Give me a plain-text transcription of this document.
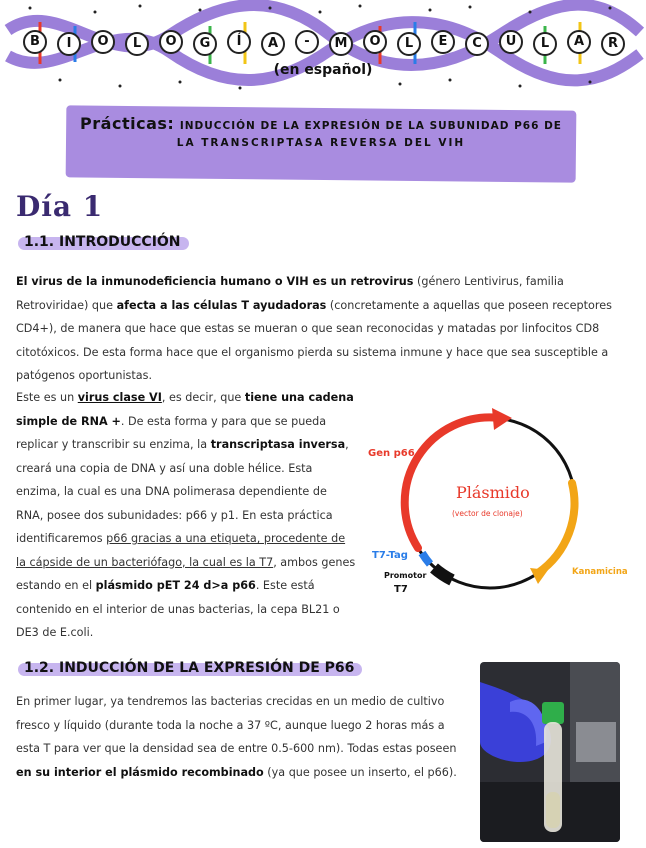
B	I	O	L	O	G	Í	A	-	M	O	L	E	C	U	L	A	R
(en español)
Prácticas: INDUCCIÓN DE LA EXPRESIÓN DE LA SUBUNIDAD P66 DE
LA TRANSCRIPTASA REVERSA DEL VIH
Día 1
1.1. INTRODUCCIÓN
El virus de la inmunodeficiencia humano o VIH es un retrovirus (género Lentivirus, familia Retroviridae) que afecta a las células T ayudadoras (concretamente a aquellas que poseen receptores CD4+), de manera que hace que estas se mueran o que sean reconocidas y matadas por linfocitos CD8 citotóxicos. De esta forma hace que el organismo pierda su sistema inmune y hace que sea susceptible a patógenos oportunistas.
Este es un virus clase VI, es decir, que tiene una cadena simple de RNA +. De esta forma y para que se pueda replicar y transcribir su enzima, la transcriptasa inversa, creará una copia de DNA y así una doble hélice. Esta enzima, la cual es una DNA polimerasa dependiente de RNA, posee dos subunidades: p66 y p1. En esta práctica identificaremos p66 gracias a una etiqueta, procedente de la cápside de un bacteriófago, la cual es la T7, ambos genes estando en el plásmido pET 24 d>a p66. Este está contenido en el interior de unas bacterias, la cepa BL21 o DE3 de E.coli.
Gen p66
Plásmido
(vector de clonaje)
T7-Tag
Promotor
T7
Kanamicina
1.2. INDUCCIÓN DE LA EXPRESIÓN DE P66
En primer lugar, ya tendremos las bacterias crecidas en un medio de cultivo fresco y líquido (durante toda la noche a 37 ºC, aunque luego 2 horas más a esta T para ver que la densidad sea de entre 0.5-600 nm). Todas estas poseen en su interior el plásmido recombinado (ya que posee un inserto, el p66).
